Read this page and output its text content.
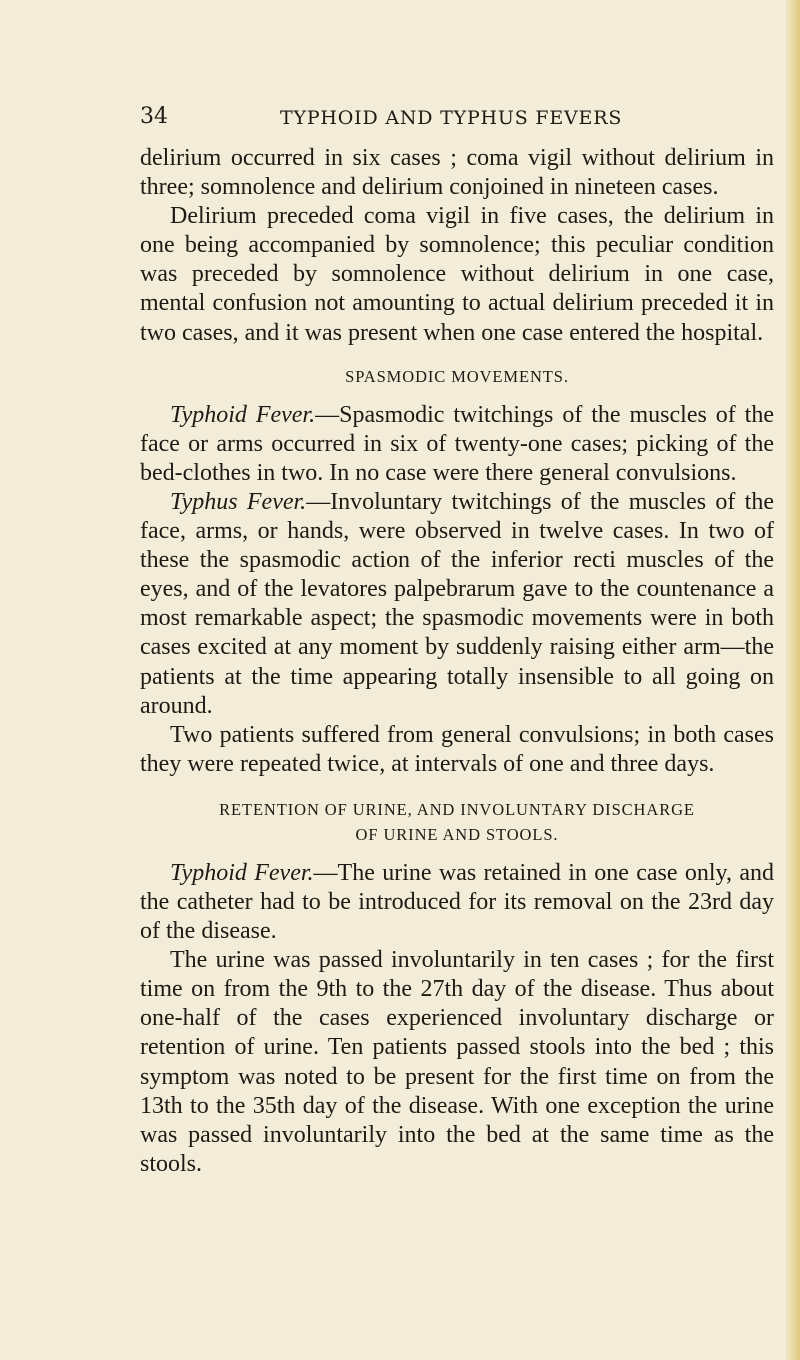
34	TYPHOID AND TYPHUS FEVERS

delirium occurred in six cases ; coma vigil without delirium in three; somnolence and delirium conjoined in nineteen cases.

Delirium preceded coma vigil in five cases, the delirium in one being accompanied by somnolence; this peculiar condition was preceded by somnolence without delirium in one case, mental confusion not amounting to actual delirium preceded it in two cases, and it was present when one case entered the hospital.

SPASMODIC MOVEMENTS.

Typhoid Fever.—Spasmodic twitchings of the muscles of the face or arms occurred in six of twenty-one cases; picking of the bed-clothes in two. In no case were there general convulsions.

Typhus Fever.—Involuntary twitchings of the muscles of the face, arms, or hands, were observed in twelve cases. In two of these the spasmodic action of the inferior recti muscles of the eyes, and of the levatores palpebrarum gave to the countenance a most remarkable aspect; the spasmodic movements were in both cases excited at any moment by suddenly raising either arm—the patients at the time appearing totally insensible to all going on around.

Two patients suffered from general convulsions; in both cases they were repeated twice, at intervals of one and three days.

RETENTION OF URINE, AND INVOLUNTARY DISCHARGE
OF URINE AND STOOLS.

Typhoid Fever.—The urine was retained in one case only, and the catheter had to be introduced for its removal on the 23rd day of the disease.

The urine was passed involuntarily in ten cases ; for the first time on from the 9th to the 27th day of the disease. Thus about one-half of the cases experienced involuntary discharge or retention of urine. Ten patients passed stools into the bed ; this symptom was noted to be present for the first time on from the 13th to the 35th day of the disease. With one exception the urine was passed involuntarily into the bed at the same time as the stools.
